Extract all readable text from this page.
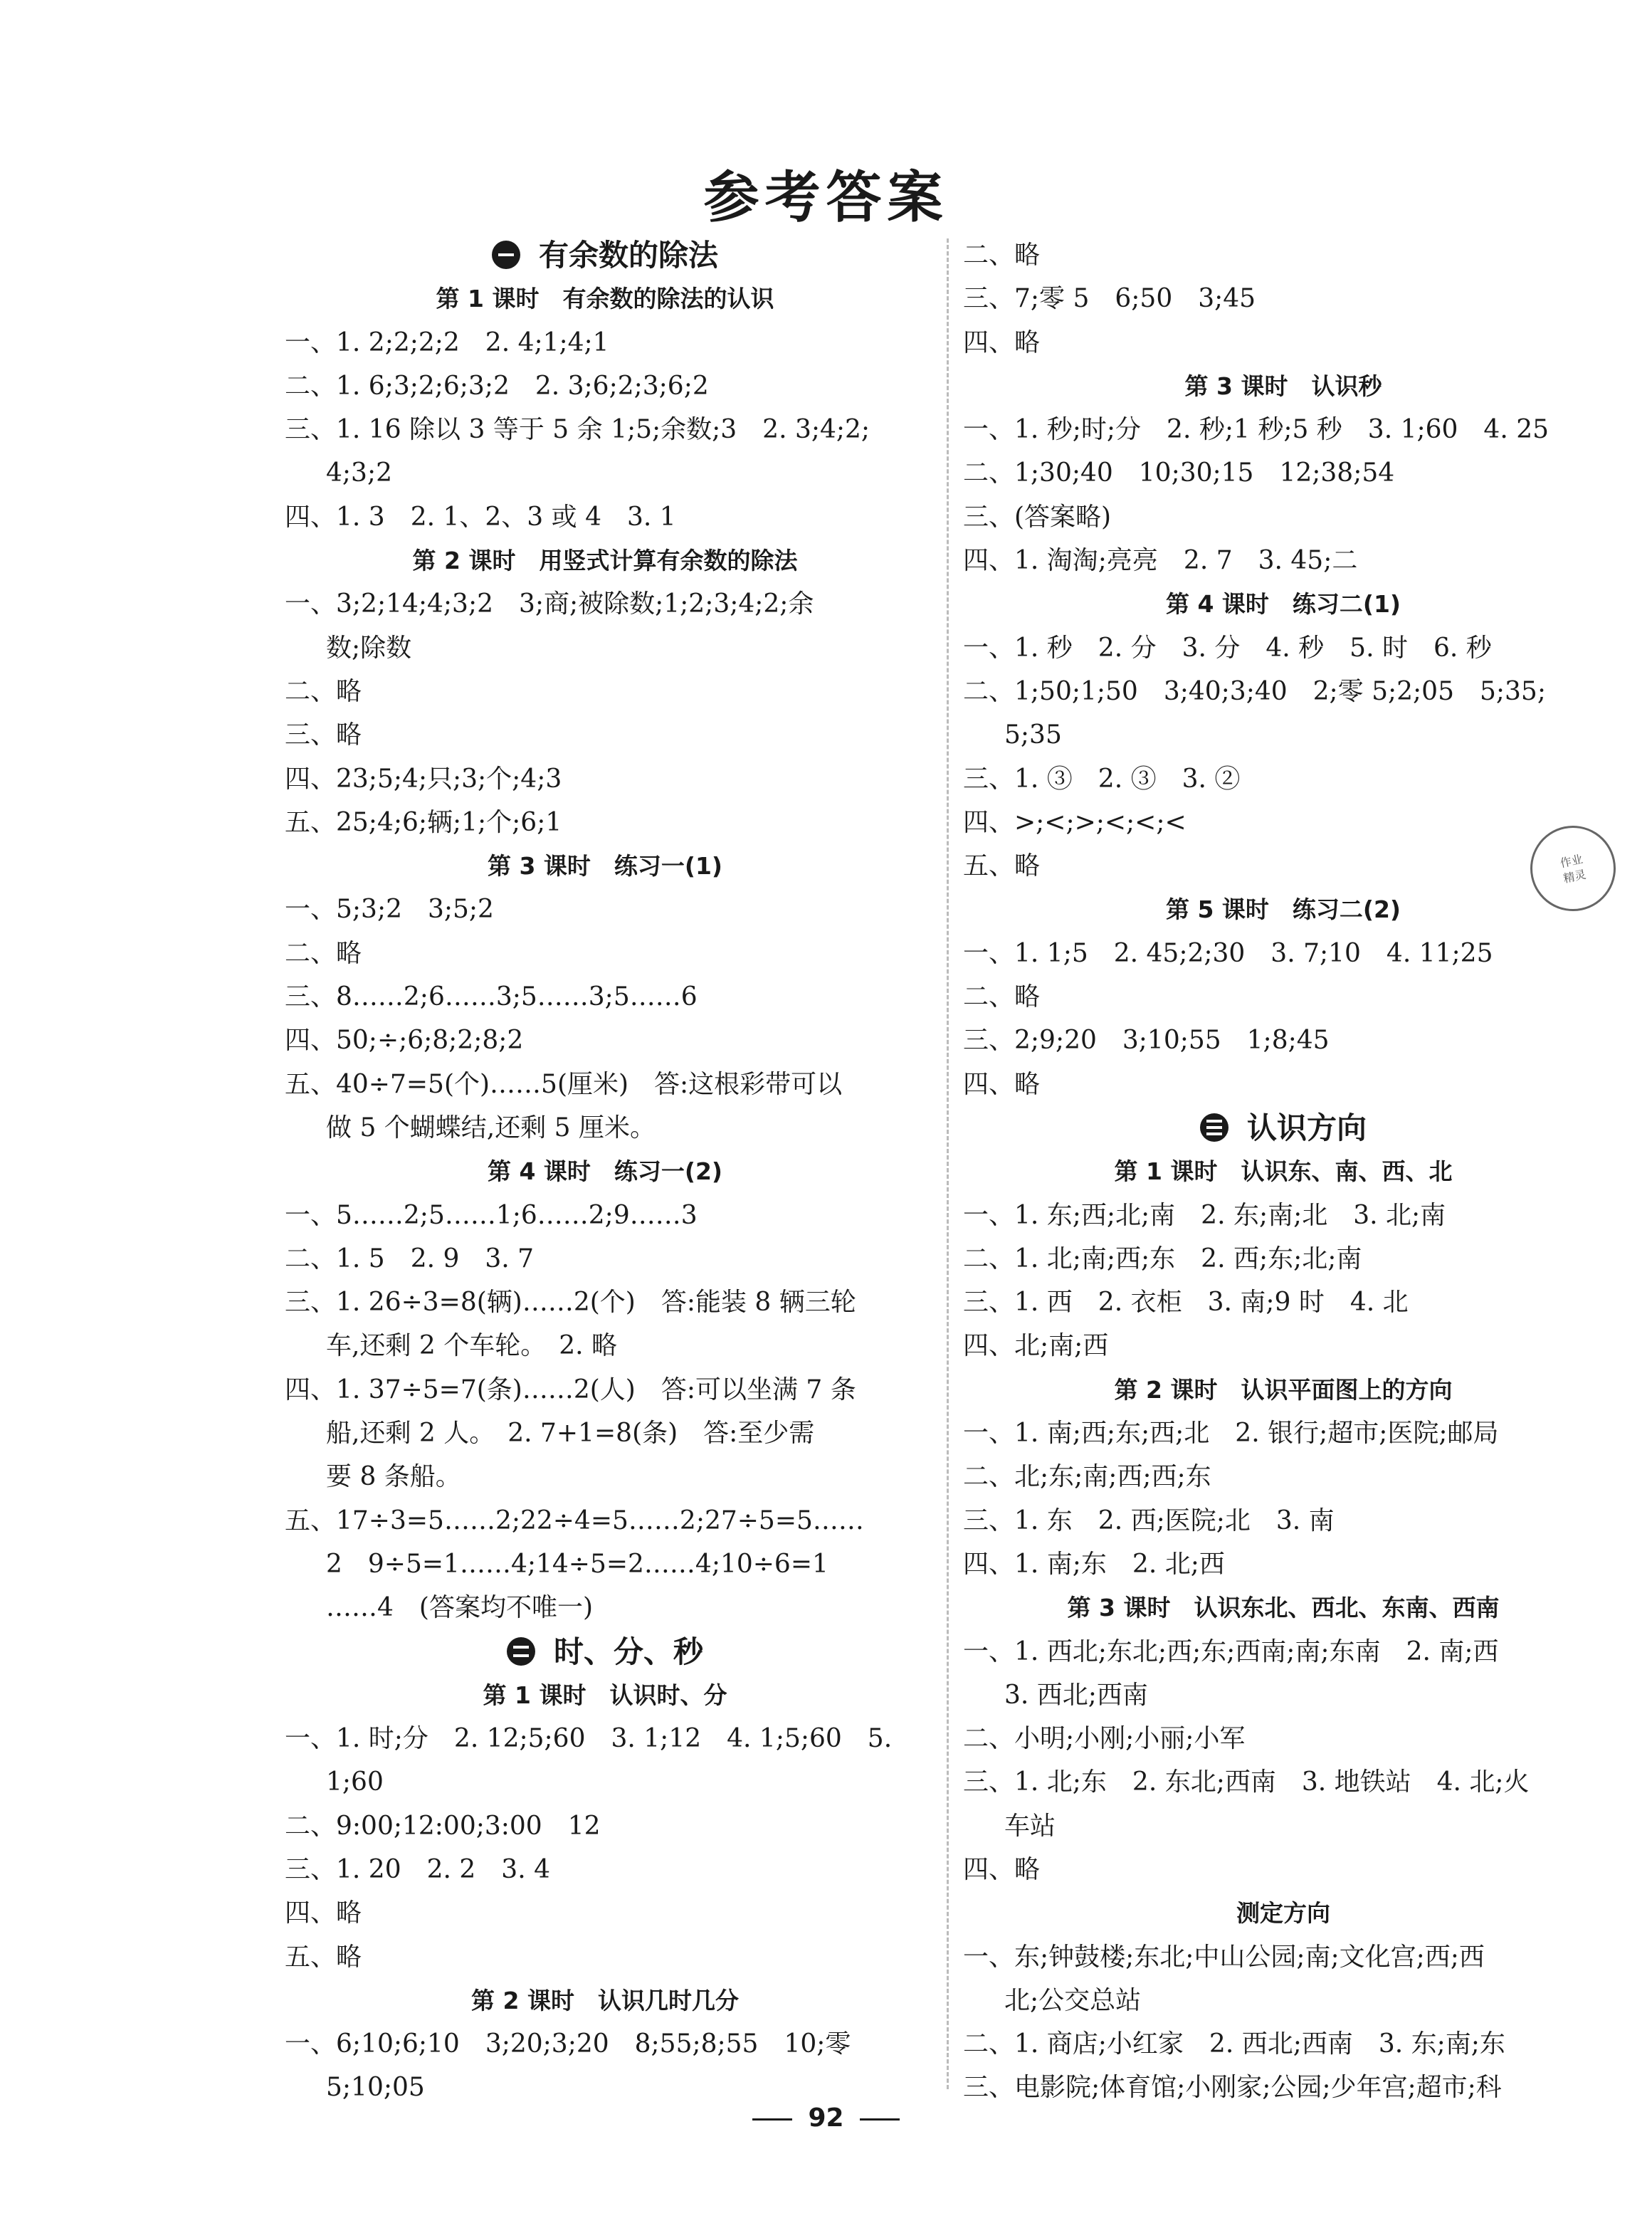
参考答案
有余数的除法
第 1 课时　有余数的除法的认识
一、1. 2;2;2;2　2. 4;1;4;1
二、1. 6;3;2;6;3;2　2. 3;6;2;3;6;2
三、1. 16 除以 3 等于 5 余 1;5;余数;3　2. 3;4;2;
4;3;2
四、1. 3　2. 1、2、3 或 4　3. 1
第 2 课时　用竖式计算有余数的除法
一、3;2;14;4;3;2　3;商;被除数;1;2;3;4;2;余
数;除数
二、略
三、略
四、23;5;4;只;3;个;4;3
五、25;4;6;辆;1;个;6;1
第 3 课时　练习一(1)
一、5;3;2　3;5;2
二、略
三、8……2;6……3;5……3;5……6
四、50;÷;6;8;2;8;2
五、40÷7=5(个)……5(厘米)　答:这根彩带可以
做 5 个蝴蝶结,还剩 5 厘米。
第 4 课时　练习一(2)
一、5……2;5……1;6……2;9……3
二、1. 5　2. 9　3. 7
三、1. 26÷3=8(辆)……2(个)　答:能装 8 辆三轮
车,还剩 2 个车轮。　2. 略
四、1. 37÷5=7(条)……2(人)　答:可以坐满 7 条
船,还剩 2 人。　2. 7+1=8(条)　答:至少需
要 8 条船。
五、17÷3=5……2;22÷4=5……2;27÷5=5……
2　9÷5=1……4;14÷5=2……4;10÷6=1
……4　(答案均不唯一)
时、分、秒
第 1 课时　认识时、分
一、1. 时;分　2. 12;5;60　3. 1;12　4. 1;5;60　5.
1;60
二、9:00;12:00;3:00　12
三、1. 20　2. 2　3. 4
四、略
五、略
第 2 课时　认识几时几分
一、6;10;6;10　3;20;3;20　8;55;8;55　10;零
5;10;05
二、略
三、7;零 5　6;50　3;45
四、略
第 3 课时　认识秒
一、1. 秒;时;分　2. 秒;1 秒;5 秒　3. 1;60　4. 25
二、1;30;40　10;30;15　12;38;54
三、(答案略)
四、1. 淘淘;亮亮　2. 7　3. 45;二
第 4 课时　练习二(1)
一、1. 秒　2. 分　3. 分　4. 秒　5. 时　6. 秒
二、1;50;1;50　3;40;3;40　2;零 5;2;05　5;35;
5;35
三、1. ③　2. ③　3. ②
四、>;<;>;<;<;<
五、略
第 5 课时　练习二(2)
一、1. 1;5　2. 45;2;30　3. 7;10　4. 11;25
二、略
三、2;9;20　3;10;55　1;8;45
四、略
认识方向
第 1 课时　认识东、南、西、北
一、1. 东;西;北;南　2. 东;南;北　3. 北;南
二、1. 北;南;西;东　2. 西;东;北;南
三、1. 西　2. 衣柜　3. 南;9 时　4. 北
四、北;南;西
第 2 课时　认识平面图上的方向
一、1. 南;西;东;西;北　2. 银行;超市;医院;邮局
二、北;东;南;西;西;东
三、1. 东　2. 西;医院;北　3. 南
四、1. 南;东　2. 北;西
第 3 课时　认识东北、西北、东南、西南
一、1. 西北;东北;西;东;西南;南;东南　2. 南;西
3. 西北;西南
二、小明;小刚;小丽;小军
三、1. 北;东　2. 东北;西南　3. 地铁站　4. 北;火
车站
四、略
测定方向
一、东;钟鼓楼;东北;中山公园;南;文化宫;西;西
北;公交总站
二、1. 商店;小红家　2. 西北;西南　3. 东;南;东
三、电影院;体育馆;小刚家;公园;少年宫;超市;科
作业
精灵
92
